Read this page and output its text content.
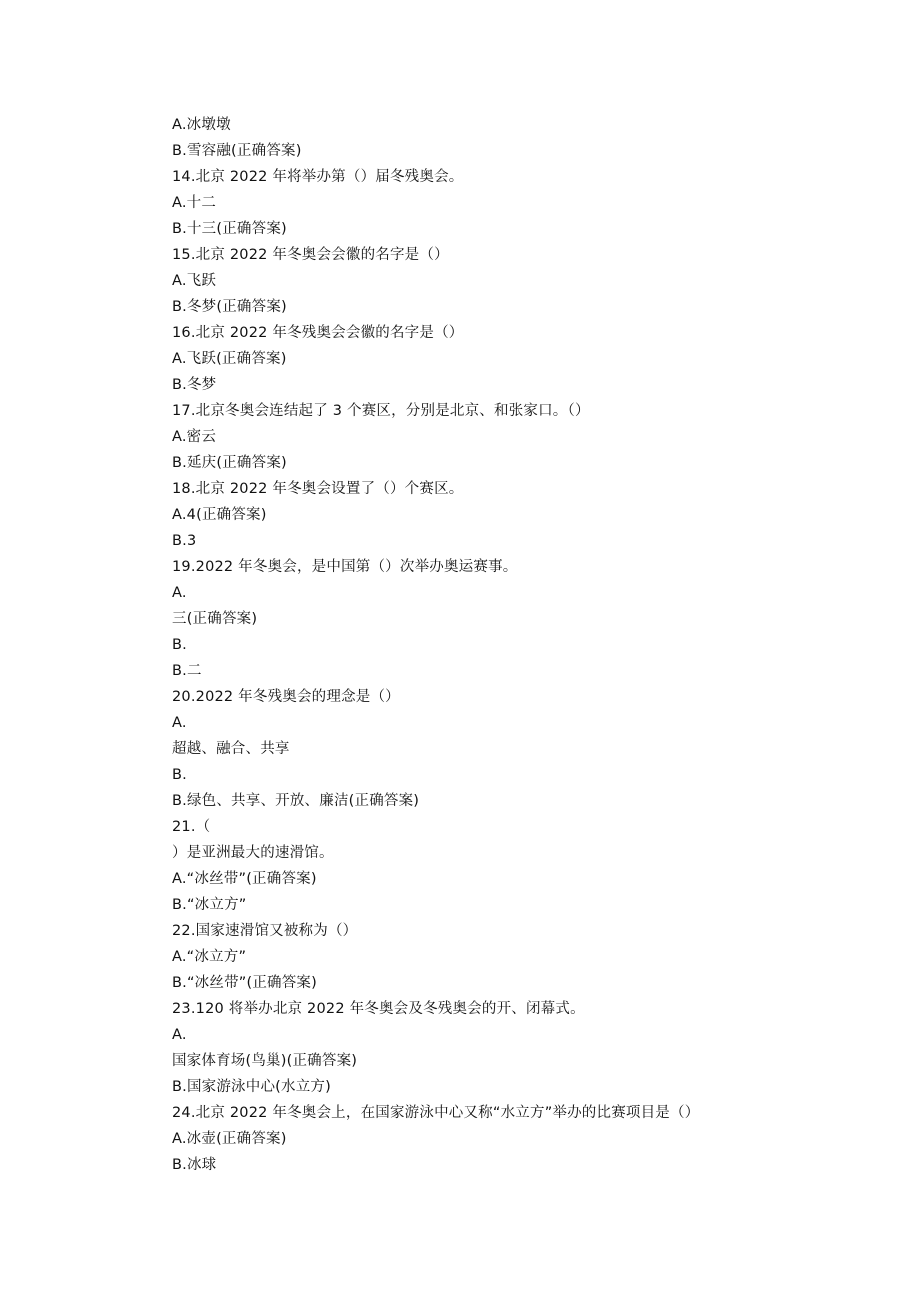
A.冰墩墩
B.雪容融(正确答案)
14.北京 2022 年将举办第（）届冬残奥会。
A.十二
B.十三(正确答案)
15.北京 2022 年冬奥会会徽的名字是（）
A.飞跃
B.冬梦(正确答案)
16.北京 2022 年冬残奥会会徽的名字是（）
A.飞跃(正确答案)
B.冬梦
17.北京冬奥会连结起了 3 个赛区，分别是北京、和张家口。（）
A.密云
B.延庆(正确答案)
18.北京 2022 年冬奥会设置了（）个赛区。
A.4(正确答案)
B.3
19.2022 年冬奥会，是中国第（）次举办奥运赛事。
A.
三(正确答案)
B.
B.二
20.2022 年冬残奥会的理念是（）
A.
超越、融合、共享
B.
B.绿色、共享、开放、廉洁(正确答案)
21.（
）是亚洲最大的速滑馆。
A.“冰丝带”(正确答案)
B.“冰立方”
22.国家速滑馆又被称为（）
A.“冰立方”
B.“冰丝带”(正确答案)
23.120 将举办北京 2022 年冬奥会及冬残奥会的开、闭幕式。
A.
国家体育场(鸟巢)(正确答案)
B.国家游泳中心(水立方)
24.北京 2022 年冬奥会上，在国家游泳中心又称“水立方”举办的比赛项目是（）
A.冰壶(正确答案)
B.冰球
